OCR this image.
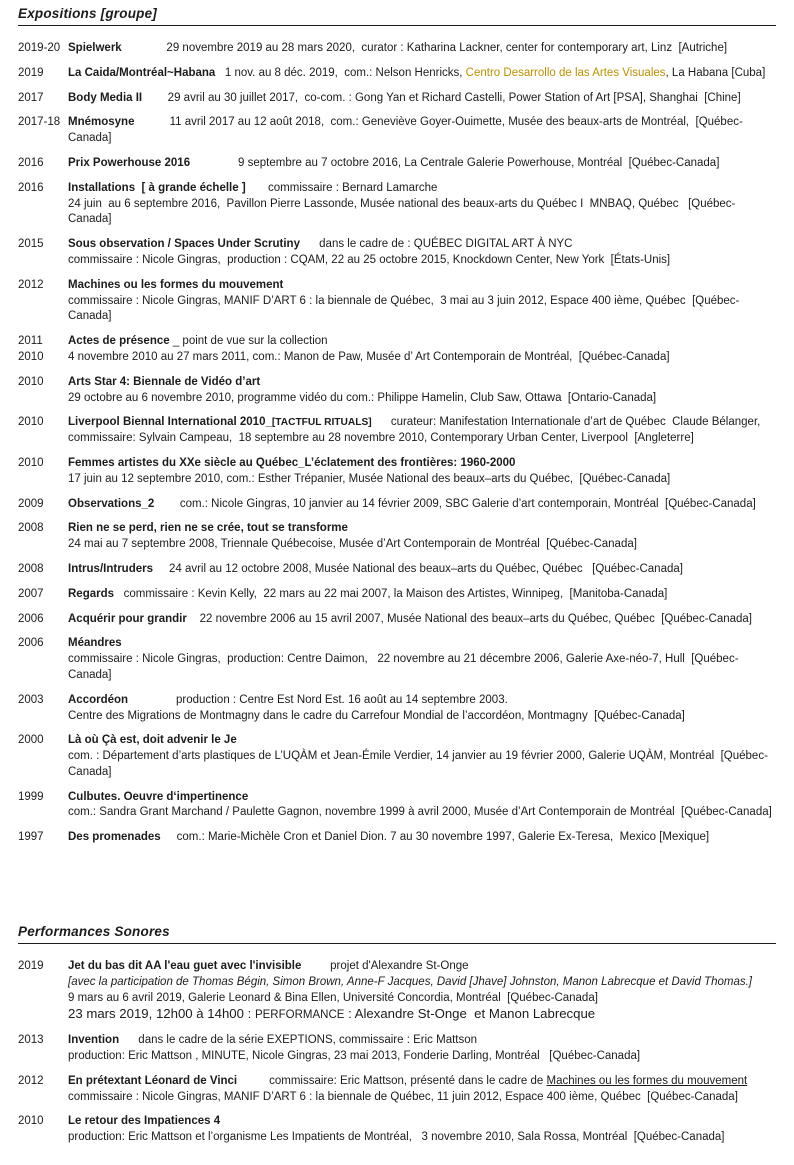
Expositions [groupe]
2019-20 Spielwerk              29 novembre 2019 au 28 mars 2020,  curator : Katharina Lackner, center for contemporary art, Linz  [Autriche]
2019	La Caida/Montréal~Habana   1 nov. au 8 déc. 2019,  com.: Nelson Henricks, Centro Desarrollo de las Artes Visuales, La Habana [Cuba]
2017	Body Media II        29 avril au 30 juillet 2017,  co-com. : Gong Yan et Richard Castelli, Power Station of Art [PSA], Shanghai  [Chine]
2017-18 Mnémosyne           11 avril 2017 au 12 août 2018,  com.: Geneviève Goyer-Ouimette, Musée des beaux-arts de Montréal,  [Québec-Canada]
2016	Prix Powerhouse 2016               9 septembre au 7 octobre 2016, La Centrale Galerie Powerhouse, Montréal  [Québec-Canada]
2016	Installations  [ à grande échelle ]       commissaire : Bernard Lamarche
24 juin  au 6 septembre 2016,  Pavillon Pierre Lassonde, Musée national des beaux-arts du Québec I  MNBAQ, Québec   [Québec-Canada]
2015	Sous observation / Spaces Under Scrutiny      dans le cadre de : QUÉBEC DIGITAL ART À NYC
commissaire : Nicole Gingras,  production : CQAM, 22 au 25 octobre 2015, Knockdown Center, New York  [États-Unis]
2012	Machines ou les formes du mouvement
commissaire : Nicole Gingras, MANIF D’ART 6 : la biennale de Québec,  3 mai au 3 juin 2012, Espace 400 ième, Québec  [Québec-Canada]
2011	Actes de présence _ point de vue sur la collection
2010	4 novembre 2010 au 27 mars 2011, com.: Manon de Paw, Musée d’ Art Contemporain de Montréal,  [Québec-Canada]
2010	Arts Star 4: Biennale de Vidéo d’art
29 octobre au 6 novembre 2010, programme vidéo du com.: Philippe Hamelin, Club Saw, Ottawa  [Ontario-Canada]
2010	Liverpool Biennal International 2010_[TACTFUL RITUALS]      curateur: Manifestation Internationale d’art de Québec  Claude Bélanger,
commissaire: Sylvain Campeau,  18 septembre au 28 novembre 2010, Contemporary Urban Center, Liverpool  [Angleterre]
2010	Femmes artistes du XXe siècle au Québec_L’éclatement des frontières: 1960-2000
17 juin au 12 septembre 2010, com.: Esther Trépanier, Musée National des beaux–arts du Québec,  [Québec-Canada]
2009	Observations_2        com.: Nicole Gingras, 10 janvier au 14 février 2009, SBC Galerie d’art contemporain, Montréal  [Québec-Canada]
2008	Rien ne se perd, rien ne se crée, tout se transforme
24 mai au 7 septembre 2008, Triennale Québecoise, Musée d’Art Contemporain de Montréal  [Québec-Canada]
2008	Intrus/Intruders     24 avril au 12 octobre 2008, Musée National des beaux–arts du Québec, Québec   [Québec-Canada]
2007	Regards   commissaire : Kevin Kelly,  22 mars au 22 mai 2007, la Maison des Artistes, Winnipeg,  [Manitoba-Canada]
2006	Acquérir pour grandir    22 novembre 2006 au 15 avril 2007, Musée National des beaux–arts du Québec, Québec  [Québec-Canada]
2006	Méandres
commissaire : Nicole Gingras,  production: Centre Daimon,   22 novembre au 21 décembre 2006, Galerie Axe-néo-7, Hull  [Québec-Canada]
2003	Accordéon               production : Centre Est Nord Est. 16 août au 14 septembre 2003.
Centre des Migrations de Montmagny dans le cadre du Carrefour Mondial de l’accordéon, Montmagny  [Québec-Canada]
2000	Là où Çà est, doit advenir le Je
com. : Département d’arts plastiques de L’UQÀM et Jean-Émile Verdier, 14 janvier au 19 février 2000, Galerie UQÀM, Montréal  [Québec-Canada]
1999	Culbutes. Oeuvre d‘impertinence
com.: Sandra Grant Marchand / Paulette Gagnon, novembre 1999 à avril 2000, Musée d’Art Contemporain de Montréal  [Québec-Canada]
1997	Des promenades     com.: Marie-Michèle Cron et Daniel Dion. 7 au 30 novembre 1997, Galerie Ex-Teresa,  Mexico [Mexique]
Performances Sonores
2019	Jet du bas dit AA l'eau guet avec l'invisible         projet d'Alexandre St-Onge
[avec la participation de Thomas Bégin, Simon Brown, Anne-F Jacques, David [Jhave] Johnston, Manon Labrecque et David Thomas.]
9 mars au 6 avril 2019, Galerie Leonard & Bina Ellen, Université Concordia, Montréal  [Québec-Canada]
23 mars 2019, 12h00 à 14h00 : PERFORMANCE : Alexandre St-Onge  et Manon Labrecque
2013	Invention      dans le cadre de la série EXEPTIONS, commissaire : Eric Mattson
production: Eric Mattson , MINUTE, Nicole Gingras, 23 mai 2013, Fonderie Darling, Montréal   [Québec-Canada]
2012	En prétextant Léonard de Vinci          commissaire: Eric Mattson, présenté dans le cadre de Machines ou les formes du mouvement
commissaire : Nicole Gingras, MANIF D’ART 6 : la biennale de Québec, 11 juin 2012, Espace 400 ième, Québec  [Québec-Canada]
2010	Le retour des Impatiences 4
production: Eric Mattson et l’organisme Les Impatients de Montréal,   3 novembre 2010, Sala Rossa, Montréal  [Québec-Canada]
